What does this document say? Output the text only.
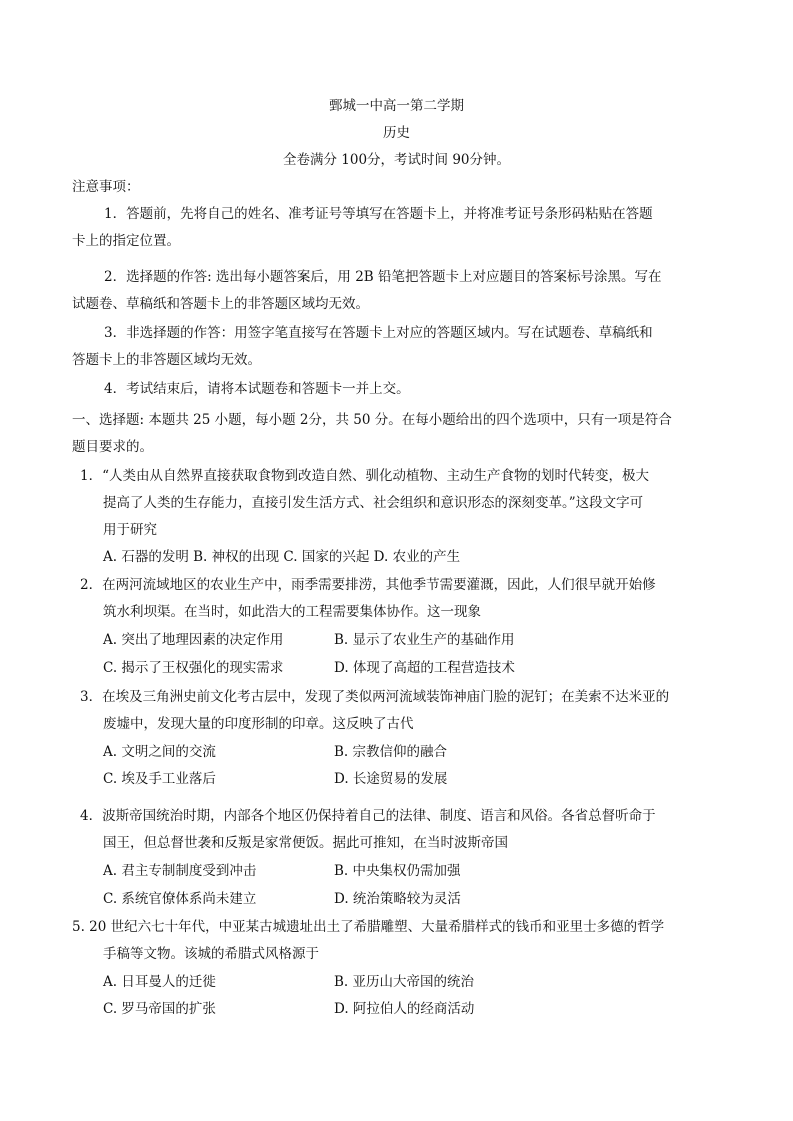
鄄城一中高一第二学期
历史
全卷满分 100分，考试时间 90分钟。
注意事项：
1．答题前，先将自己的姓名、准考证号等填写在答题卡上，并将准考证号条形码粘贴在答题
卡上的指定位置。
2．选择题的作答: 选出每小题答案后，用 2B 铅笔把答题卡上对应题目的答案标号涂黑。写在
试题卷、草稿纸和答题卡上的非答题区域均无效。
3．非选择题的作答：用签字笔直接写在答题卡上对应的答题区域内。写在试题卷、草稿纸和
答题卡上的非答题区域均无效。
4．考试结束后，请将本试题卷和答题卡一并上交。
一、选择题: 本题共 25 小题，每小题 2分，共 50 分。在每小题给出的四个选项中，只有一项是符合
题目要求的。
1．“人类由从自然界直接获取食物到改造自然、驯化动植物、主动生产食物的划时代转变，极大
提高了人类的生存能力，直接引发生活方式、社会组织和意识形态的深刻变革。”这段文字可
用于研究
A. 石器的发明 B. 神权的出现 C. 国家的兴起 D. 农业的产生
2．在两河流域地区的农业生产中，雨季需要排涝，其他季节需要灌溉，因此，人们很早就开始修
筑水利坝渠。在当时，如此浩大的工程需要集体协作。这一现象
A. 突出了地理因素的决定作用	B. 显示了农业生产的基础作用
C. 揭示了王权强化的现实需求	D. 体现了高超的工程营造技术
3．在埃及三角洲史前文化考古层中，发现了类似两河流域装饰神庙门脸的泥钉；在美索不达米亚的
废墟中，发现大量的印度形制的印章。这反映了古代
A. 文明之间的交流	B. 宗教信仰的融合
C. 埃及手工业落后	D. 长途贸易的发展
4．波斯帝国统治时期，内部各个地区仍保持着自己的法律、制度、语言和风俗。各省总督听命于
国王，但总督世袭和反叛是家常便饭。据此可推知，在当时波斯帝国
A. 君主专制制度受到冲击	B. 中央集权仍需加强
C. 系统官僚体系尚未建立	D. 统治策略较为灵活
5. 20 世纪六七十年代，中亚某古城遗址出土了希腊雕塑、大量希腊样式的钱币和亚里士多德的哲学
手稿等文物。该城的希腊式风格源于
A. 日耳曼人的迁徙	B. 亚历山大帝国的统治
C. 罗马帝国的扩张	D. 阿拉伯人的经商活动
